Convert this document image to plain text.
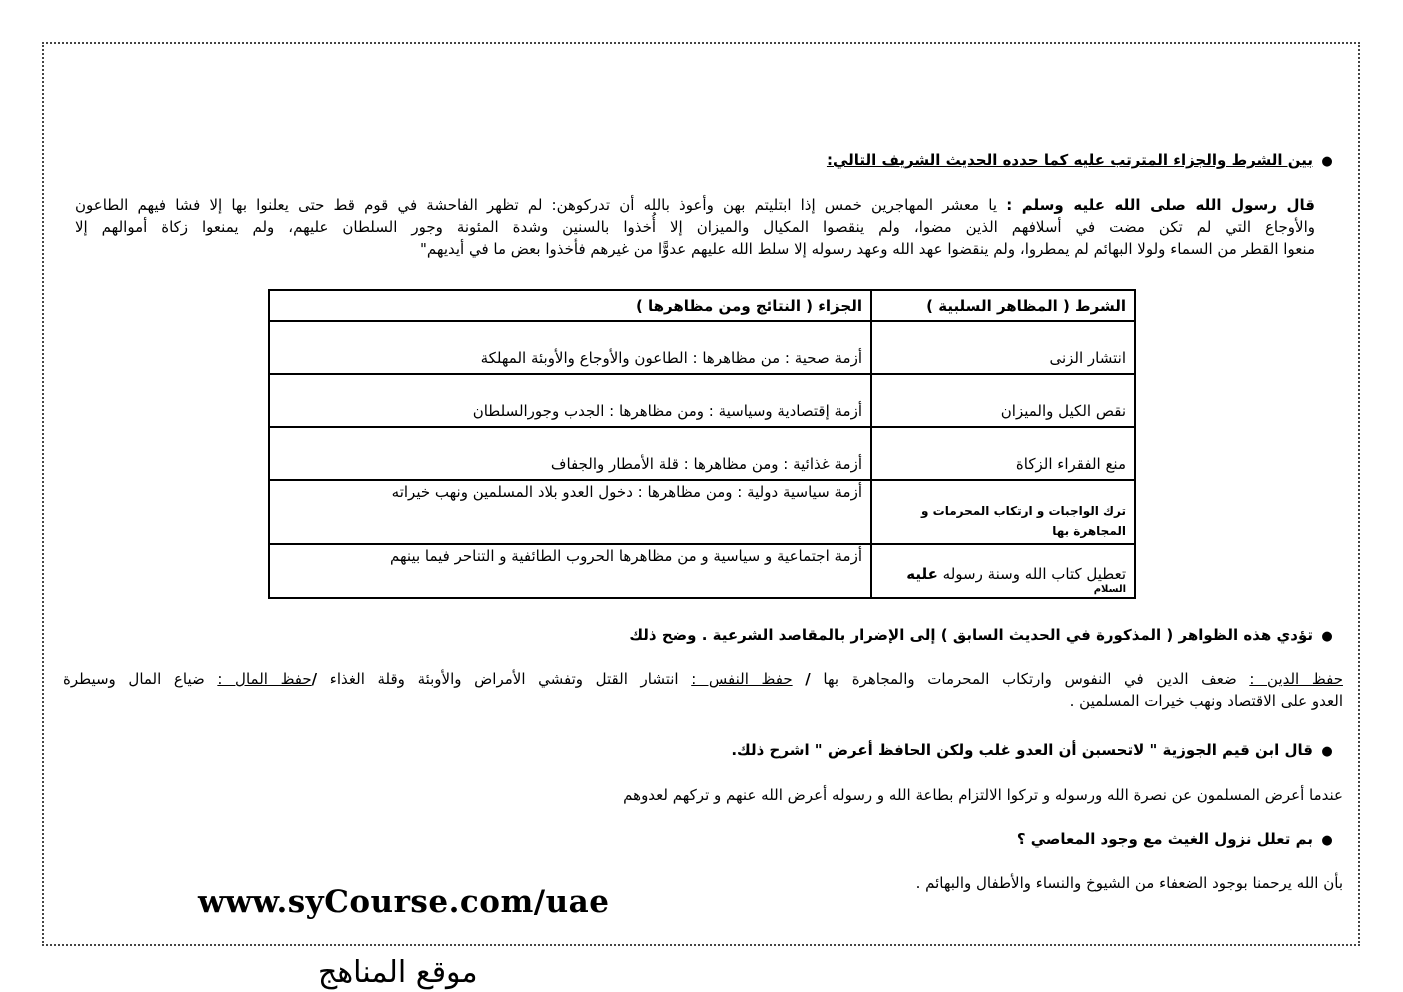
●بين الشرط والجزاء المترتب عليه كما حدده الحديث الشريف التالي:
قال رسول الله صلى الله عليه وسلم : يا معشر المهاجرين خمس إذا ابتليتم بهن وأعوذ بالله أن تدركوهن: لم تظهر الفاحشة في قوم قط حتى يعلنوا بها إلا فشا فيهم الطاعون
والأوجاع التي لم تكن مضت في أسلافهم الذين مضوا، ولم ينقصوا المكيال والميزان إلا أُخذوا بالسنين وشدة المئونة وجور السلطان عليهم، ولم يمنعوا زكاة أموالهم إلا
منعوا القطر من السماء ولولا البهائم لم يمطروا، ولم ينقضوا عهد الله وعهد رسوله إلا سلط الله عليهم عدوًّا من غيرهم فأخذوا بعض ما في أيديهم"
الشرط ( المظاهر السلبية )	الجزاء ( النتائج ومن مظاهرها )
انتشار الزنى	أزمة صحية : من مظاهرها : الطاعون والأوجاع والأوبئة المهلكة
نقص الكيل والميزان	أزمة إقتصادية وسياسية : ومن مظاهرها : الجدب وجورالسلطان
منع الفقراء الزكاة	أزمة غذائية : ومن مظاهرها : قلة الأمطار والجفاف

ترك الواجبات و ارتكاب المحرمات و المجاهرة بها	أزمة سياسية دولية : ومن مظاهرها : دخول العدو بلاد المسلمين ونهب خيراته

تعطيل كتاب الله وسنة رسوله عليه
السلام	أزمة اجتماعية و سياسية و من مظاهرها الحروب الطائفية و التناحر فيما بينهم
●تؤدي هذه الظواهر ( المذكورة في الحديث السابق ) إلى الإضرار بالمقاصد الشرعية . وضح ذلك
حفظ الدين : ضعف الدين في النفوس وارتكاب المحرمات والمجاهرة بها / حفظ النفس : انتشار القتل وتفشي الأمراض والأوبئة وقلة الغذاء /حفظ المال : ضياع المال وسيطرة
العدو على الاقتصاد ونهب خيرات المسلمين .
●قال ابن قيم الجوزية " لاتحسبن أن العدو غلب ولكن الحافظ أعرض " اشرح ذلك.
عندما أعرض المسلمون عن نصرة الله ورسوله و تركوا الالتزام بطاعة الله و رسوله أعرض الله عنهم و تركهم لعدوهم
●بم تعلل نزول الغيث مع وجود المعاصي ؟
بأن الله يرحمنا بوجود الضعفاء من الشيوخ والنساء والأطفال والبهائم .
www.syCourse.com/uae
موقع المناهج
